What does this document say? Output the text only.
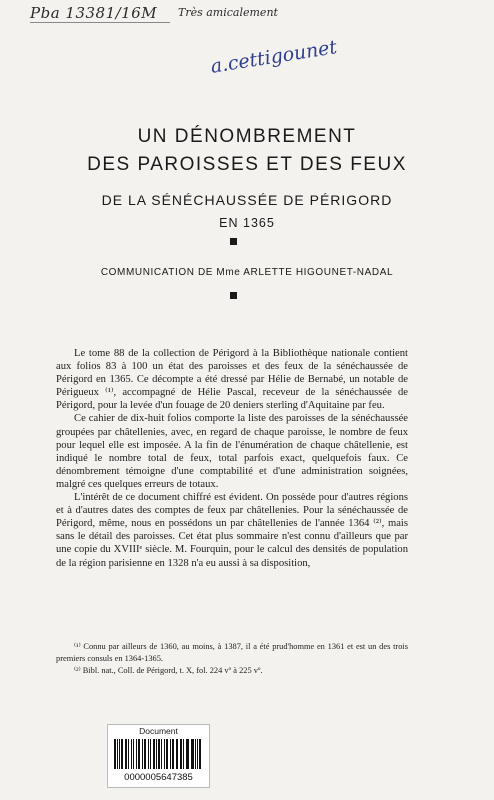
Pba 13381/16M Très amicalement
a.cettigounet
UN DÉNOMBREMENT
DES PAROISSES ET DES FEUX
DE LA SÉNÉCHAUSSÉE DE PÉRIGORD
EN 1365
COMMUNICATION DE Mme ARLETTE HIGOUNET-NADAL

Le tome 88 de la collection de Périgord à la Bibliothèque nationale contient aux folios 83 à 100 un état des paroisses et des feux de la sénéchaussée de Périgord en 1365. Ce décompte a été dressé par Hélie de Bernabé, un notable de Périgueux ⁽¹⁾, accompagné de Hélie Pascal, receveur de la sénéchaussée de Périgord, pour la levée d'un fouage de 20 deniers sterling d'Aquitaine par feu.

Ce cahier de dix-huit folios comporte la liste des paroisses de la sénéchaussée groupées par châtellenies, avec, en regard de chaque paroisse, le nombre de feux pour lequel elle est imposée. A la fin de l'énumération de chaque châtellenie, est indiqué le nombre total de feux, total parfois exact, quelquefois faux. Ce dénombrement témoigne d'une comptabilité et d'une administration soignées, malgré ces quelques erreurs de totaux.

L'intérêt de ce document chiffré est évident. On possède pour d'autres régions et à d'autres dates des comptes de feux par châtellenies. Pour la sénéchaussée de Périgord, même, nous en possédons un par châtellenies de l'année 1364 ⁽²⁾, mais sans le détail des paroisses. Cet état plus sommaire n'est connu d'ailleurs que par une copie du XVIIIᵉ siècle. M. Fourquin, pour le calcul des densités de population de la région parisienne en 1328 n'a eu aussi à sa disposition,

⁽¹⁾ Connu par ailleurs de 1360, au moins, à 1387, il a été prud'homme en 1361 et est un des trois premiers consuls en 1364-1365.

⁽²⁾ Bibl. nat., Coll. de Périgord, t. X, fol. 224 vº à 225 vº.

Document
0000005647385
